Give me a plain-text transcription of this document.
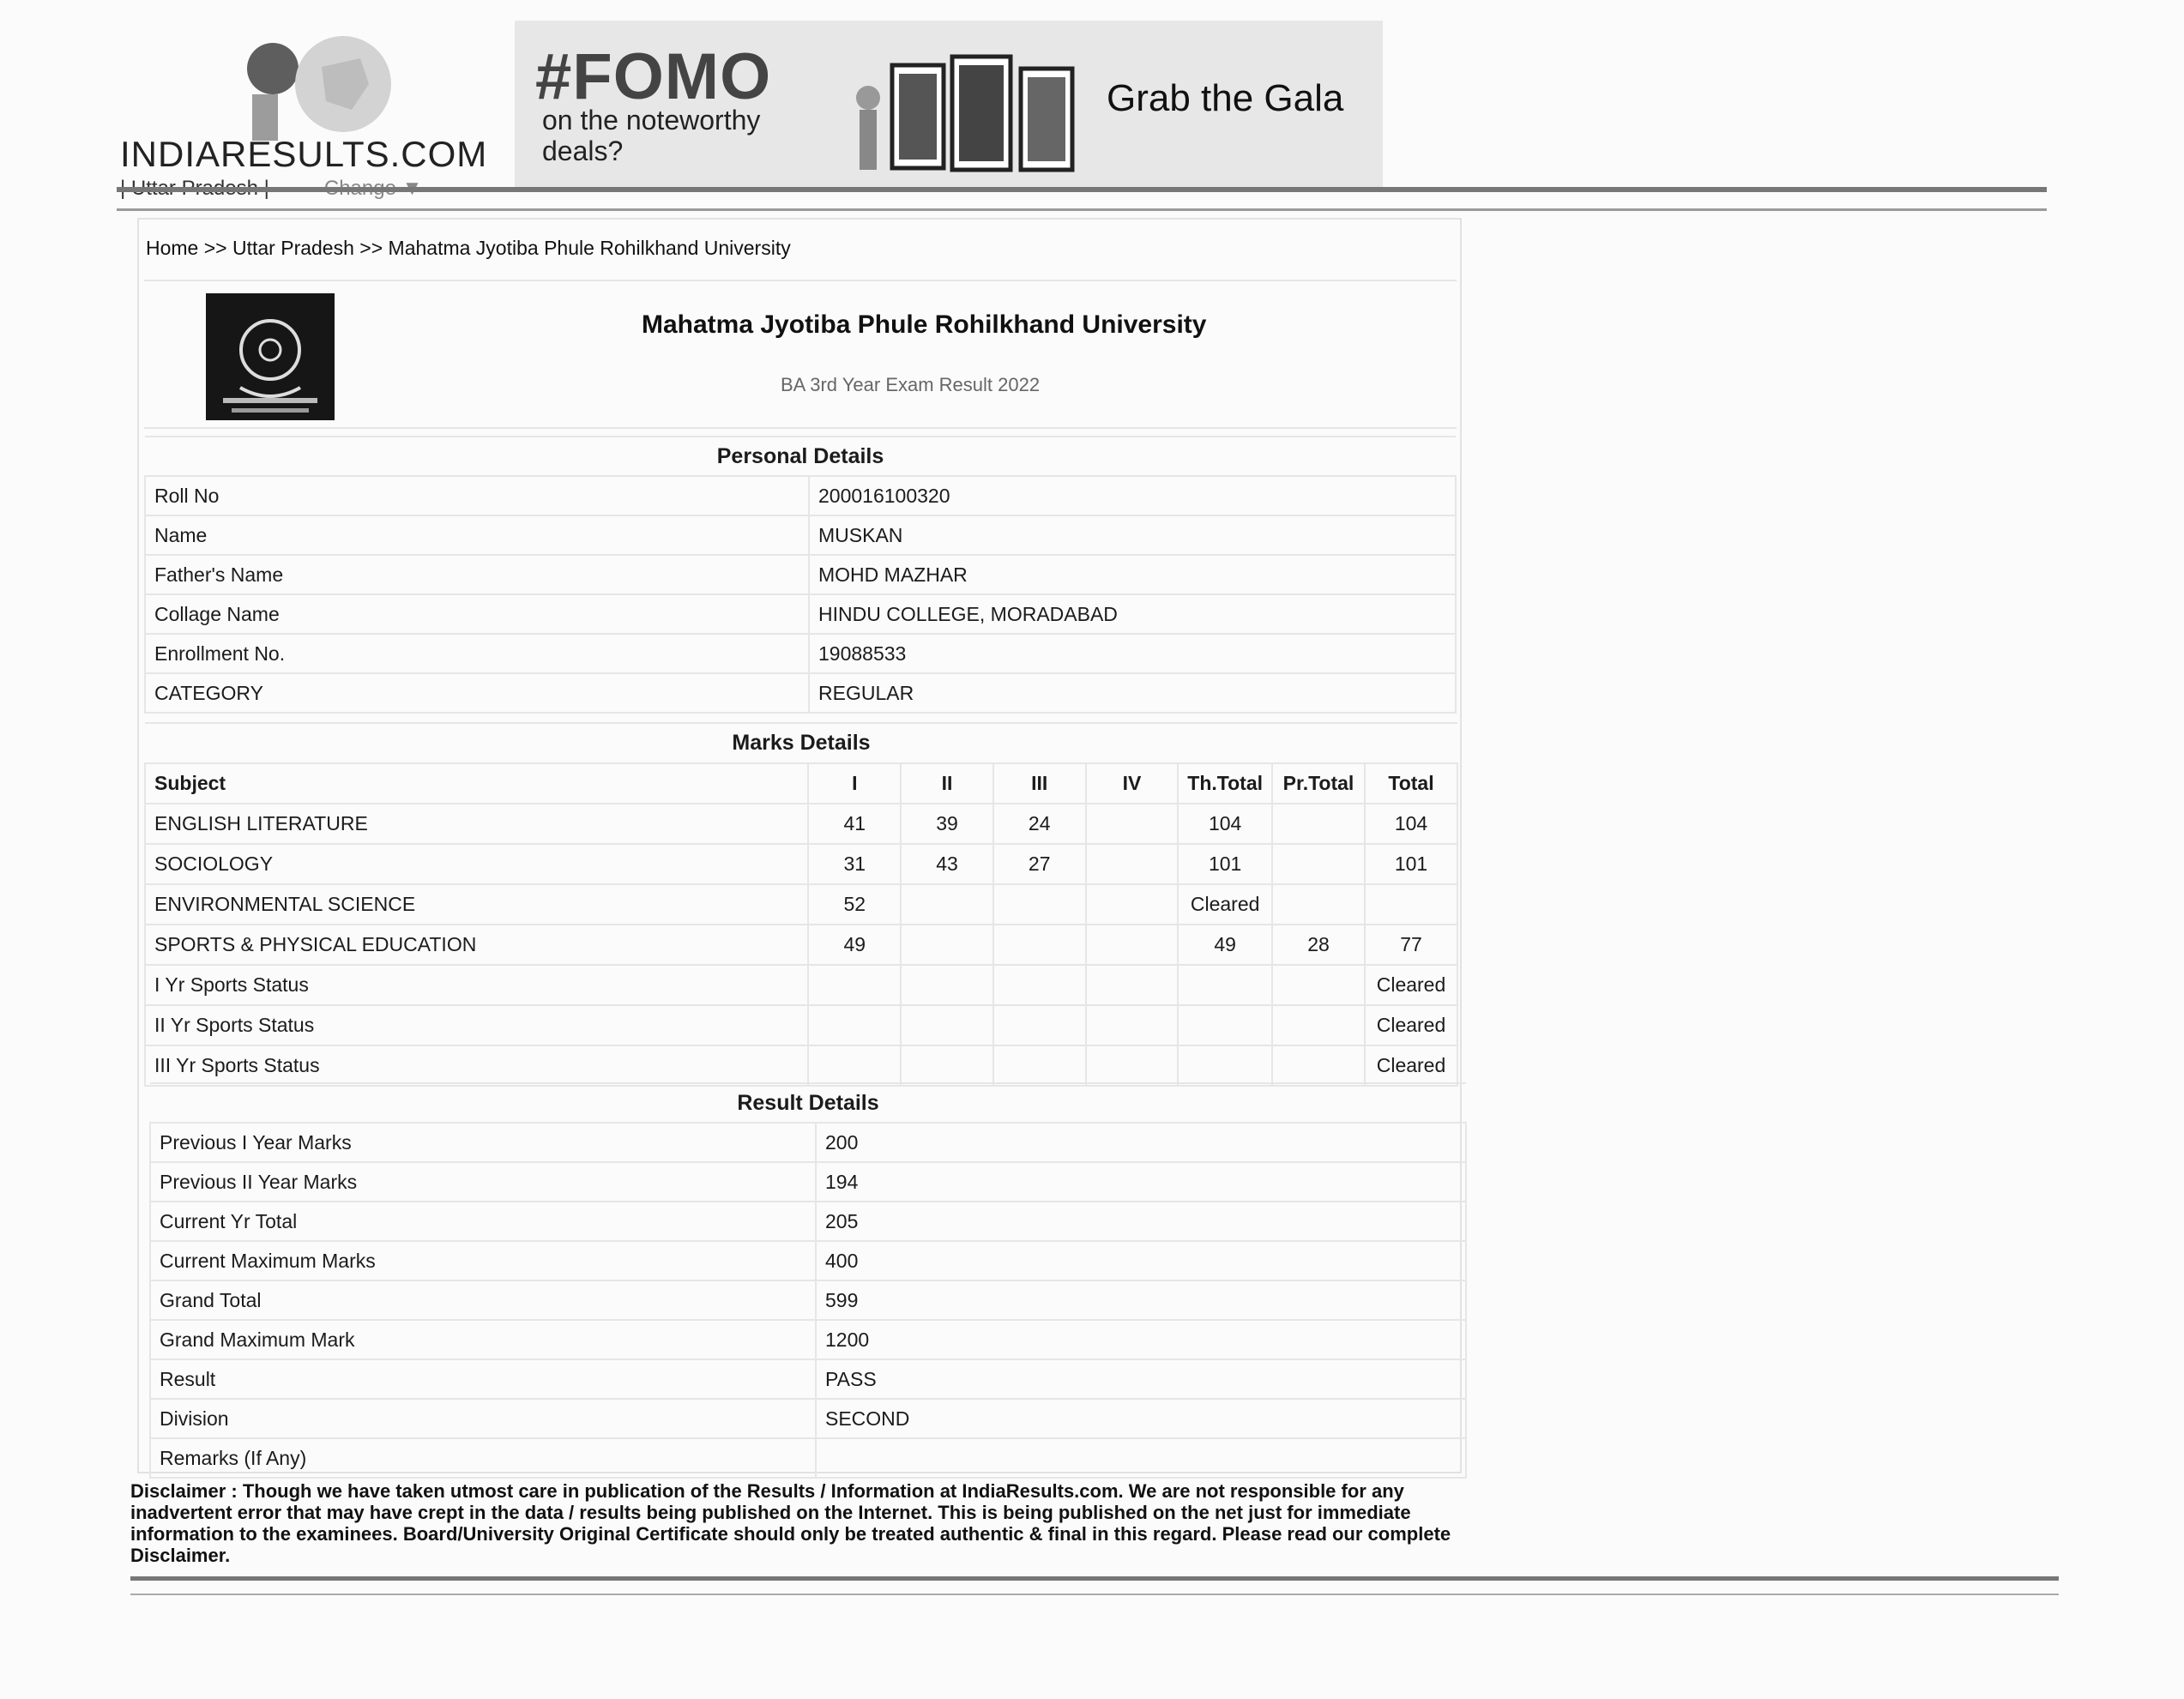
INDIARESULTS.COM
#FOMO
on the noteworthy deals?
Grab the Gala
Home >> Uttar Pradesh >> Mahatma Jyotiba Phule Rohilkhand University
Mahatma Jyotiba Phule Rohilkhand University
BA 3rd Year Exam Result 2022
Personal Details	
Roll No	200016100320
Name	MUSKAN
Father's Name	MOHD MAZHAR
Collage Name	HINDU COLLEGE, MORADABAD
Enrollment No.	19088533
CATEGORY	REGULAR
Marks Details							
Subject	I	II	III	IV	Th.Total	Pr.Total	Total
ENGLISH LITERATURE	41	39	24		104		104
SOCIOLOGY	31	43	27		101		101
ENVIRONMENTAL SCIENCE	52				Cleared		
SPORTS & PHYSICAL EDUCATION	49				49	28	77
I Yr Sports Status							Cleared
II Yr Sports Status							Cleared
III Yr Sports Status							Cleared
Result Details	
Previous I Year Marks	200
Previous II Year Marks	194
Current Yr Total	205
Current Maximum Marks	400
Grand Total	599
Grand Maximum Mark	1200
Result	PASS
Division	SECOND
Remarks (If Any)	
Disclaimer : Though we have taken utmost care in publication of the Results / Information at IndiaResults.com. We are not responsible for any inadvertent error that may have crept in the data / results being published on the Internet. This is being published on the net just for immediate information to the examinees. Board/University Original Certificate should only be treated authentic & final in this regard. Please read our complete Disclaimer.
